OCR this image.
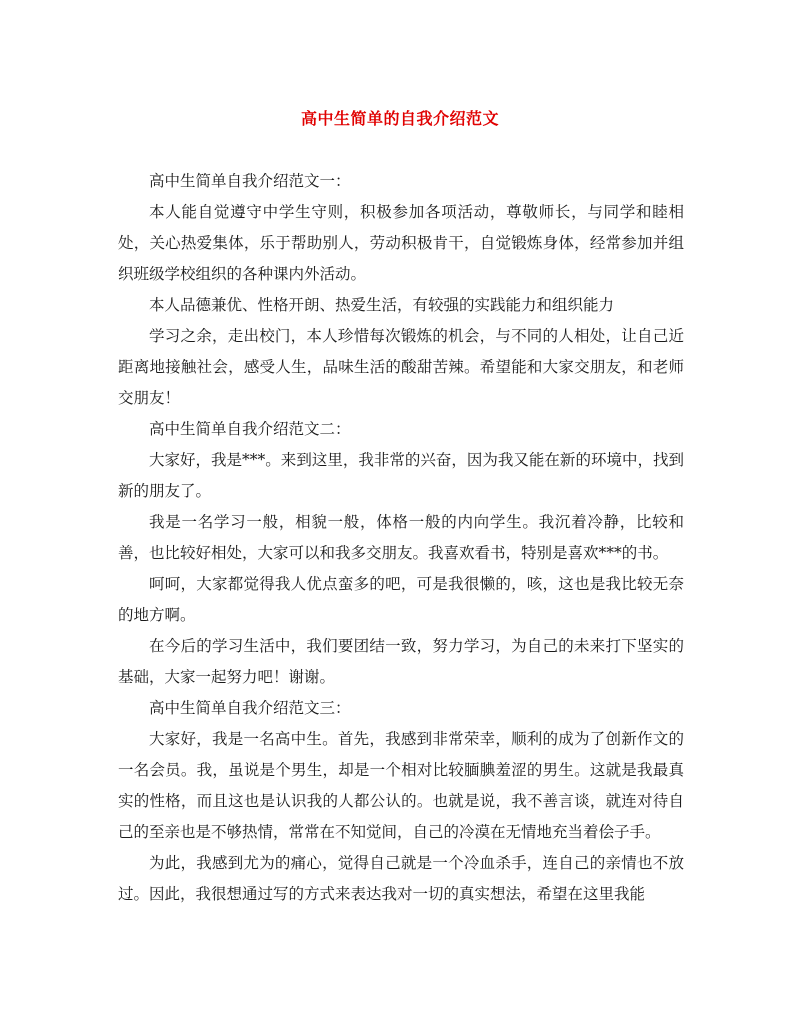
高中生简单的自我介绍范文

高中生简单自我介绍范文一：

本人能自觉遵守中学生守则，积极参加各项活动，尊敬师长，与同学和睦相处，关心热爱集体，乐于帮助别人，劳动积极肯干，自觉锻炼身体，经常参加并组织班级学校组织的各种课内外活动。

本人品德兼优、性格开朗、热爱生活，有较强的实践能力和组织能力

学习之余，走出校门，本人珍惜每次锻炼的机会，与不同的人相处，让自己近距离地接触社会，感受人生，品味生活的酸甜苦辣。希望能和大家交朋友，和老师交朋友！

高中生简单自我介绍范文二：

大家好，我是***。来到这里，我非常的兴奋，因为我又能在新的环境中，找到新的朋友了。

我是一名学习一般，相貌一般，体格一般的内向学生。我沉着冷静，比较和善，也比较好相处，大家可以和我多交朋友。我喜欢看书，特别是喜欢***的书。

呵呵，大家都觉得我人优点蛮多的吧，可是我很懒的，咳，这也是我比较无奈的地方啊。

在今后的学习生活中，我们要团结一致，努力学习，为自己的未来打下坚实的基础，大家一起努力吧！谢谢。

高中生简单自我介绍范文三：

大家好，我是一名高中生。首先，我感到非常荣幸，顺利的成为了创新作文的一名会员。我，虽说是个男生，却是一个相对比较腼腆羞涩的男生。这就是我最真实的性格，而且这也是认识我的人都公认的。也就是说，我不善言谈，就连对待自己的至亲也是不够热情，常常在不知觉间，自己的冷漠在无情地充当着侩子手。

为此，我感到尤为的痛心，觉得自己就是一个冷血杀手，连自己的亲情也不放过。因此，我很想通过写的方式来表达我对一切的真实想法，希望在这里我能
